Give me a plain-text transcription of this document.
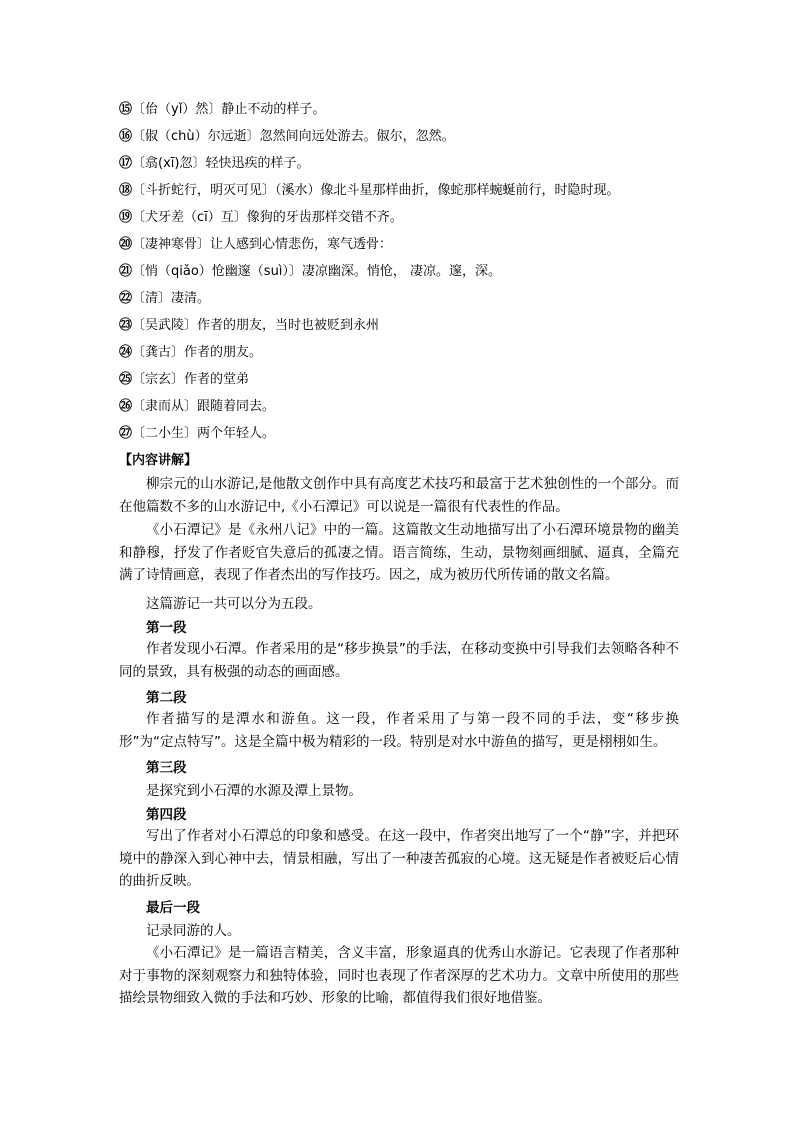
⑮〔佁（yǐ）然〕静止不动的样子。
⑯〔俶（chù）尔远逝〕忽然间向远处游去。俶尔，忽然。
⑰〔翕(xī)忽〕轻快迅疾的样子。
⑱〔斗折蛇行，明灭可见〕（溪水）像北斗星那样曲折，像蛇那样蜿蜒前行，时隐时现。
⑲〔犬牙差（cī）互〕像狗的牙齿那样交错不齐。
⑳〔凄神寒骨〕让人感到心情悲伤，寒气透骨：
㉑〔悄（qiǎo）怆幽邃（suì）〕凄凉幽深。悄怆， 凄凉。邃，深。
㉒〔清〕凄清。
㉓〔吴武陵〕作者的朋友，当时也被贬到永州
㉔〔龚古〕作者的朋友。
㉕〔宗玄〕作者的堂弟
㉖〔隶而从〕跟随着同去。
㉗〔二小生〕两个年轻人。
【内容讲解】
柳宗元的山水游记,是他散文创作中具有高度艺术技巧和最富于艺术独创性的一个部分。而在他篇数不多的山水游记中,《小石潭记》可以说是一篇很有代表性的作品。
《小石潭记》是《永州八记》中的一篇。这篇散文生动地描写出了小石潭环境景物的幽美和静穆，抒发了作者贬官失意后的孤凄之情。语言简练，生动，景物刻画细腻、逼真，全篇充满了诗情画意，表现了作者杰出的写作技巧。因之，成为被历代所传诵的散文名篇。
这篇游记一共可以分为五段。
第一段
作者发现小石潭。作者采用的是“移步换景”的手法，在移动变换中引导我们去领略各种不同的景致，具有极强的动态的画面感。
第二段
作者描写的是潭水和游鱼。这一段，作者采用了与第一段不同的手法，变“移步换形”为“定点特写”。这是全篇中极为精彩的一段。特别是对水中游鱼的描写，更是栩栩如生。
第三段
是探究到小石潭的水源及潭上景物。
第四段
写出了作者对小石潭总的印象和感受。在这一段中，作者突出地写了一个“静”字，并把环境中的静深入到心神中去，情景相融，写出了一种凄苦孤寂的心境。这无疑是作者被贬后心情的曲折反映。
最后一段
记录同游的人。
《小石潭记》是一篇语言精美，含义丰富，形象逼真的优秀山水游记。它表现了作者那种对于事物的深刻观察力和独特体验，同时也表现了作者深厚的艺术功力。文章中所使用的那些描绘景物细致入微的手法和巧妙、形象的比喻，都值得我们很好地借鉴。
